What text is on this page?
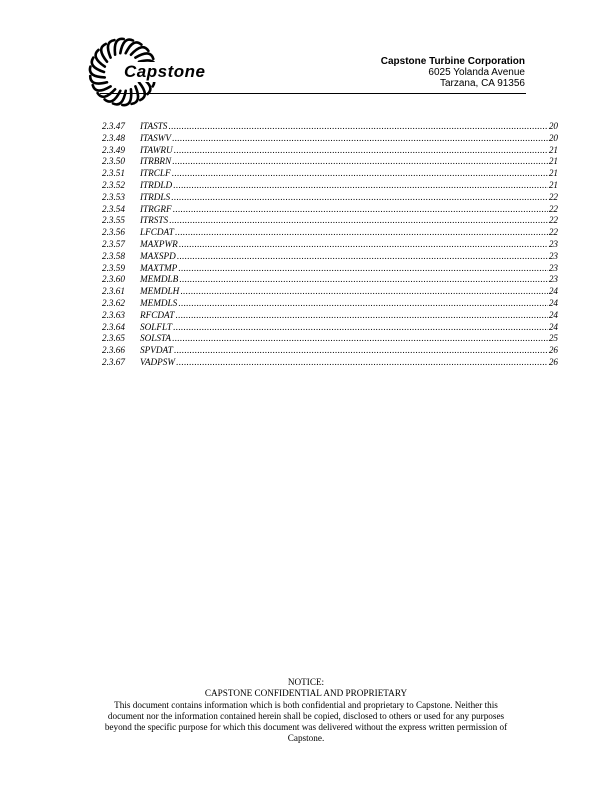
Capstone
Capstone Turbine Corporation
6025 Yolanda Avenue
Tarzana, CA 91356
2.3.47	ITASTS .....	20
2.3.48	ITASWV .....	20
2.3.49	ITAWRU .....	21
2.3.50	ITRBRN .....	21
2.3.51	ITRCLF .....	21
2.3.52	ITRDLD .....	21
2.3.53	ITRDLS .....	22
2.3.54	ITRGRF .....	22
2.3.55	ITRSTS .....	22
2.3.56	LFCDAT .....	22
2.3.57	MAXPWR .....	23
2.3.58	MAXSPD .....	23
2.3.59	MAXTMP .....	23
2.3.60	MEMDLB .....	23
2.3.61	MEMDLH .....	24
2.3.62	MEMDLS .....	24
2.3.63	RFCDAT .....	24
2.3.64	SOLFLT .....	24
2.3.65	SOLSTA .....	25
2.3.66	SPVDAT .....	26
2.3.67	VADPSW .....	26
NOTICE:
CAPSTONE CONFIDENTIAL AND PROPRIETARY
This document contains information which is both confidential and proprietary to Capstone. Neither this
document nor the information contained herein shall be copied, disclosed to others or used for any purposes
beyond the specific purpose for which this document was delivered without the express written permission of
Capstone.
